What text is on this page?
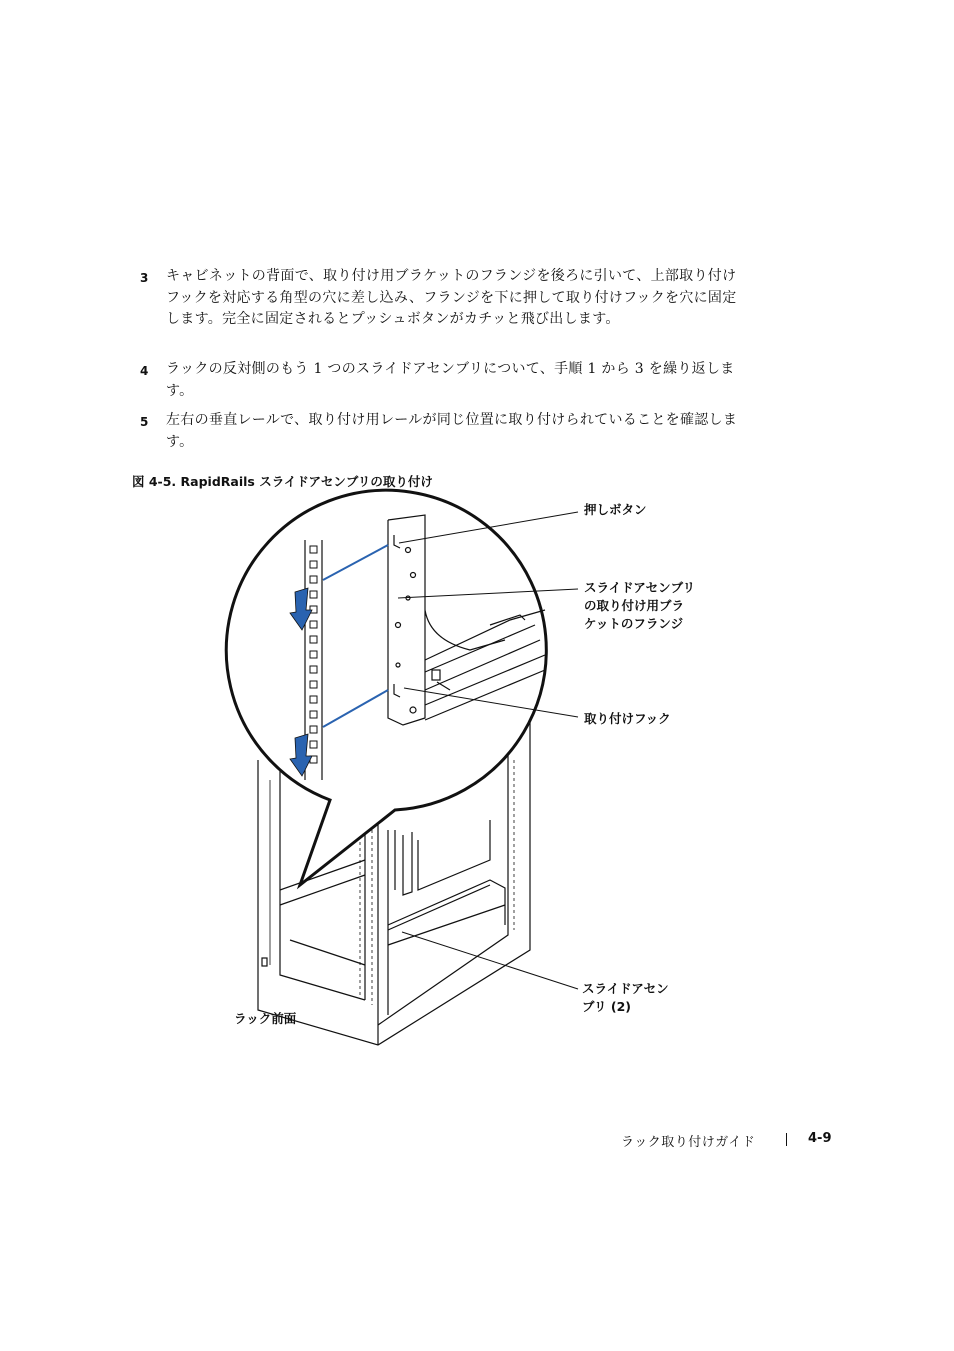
3 キャビネットの背面で、取り付け用ブラケットのフランジを後ろに引いて、上部取り付けフックを対応する角型の穴に差し込み、フランジを下に押して取り付けフックを穴に固定します。完全に固定されるとプッシュボタンがカチッと飛び出します。
4 ラックの反対側のもう 1 つのスライドアセンブリについて、手順 1 から 3 を繰り返します。
5 左右の垂直レールで、取り付け用レールが同じ位置に取り付けられていることを確認します。
図 4-5. RapidRails スライドアセンブリの取り付け
押しボタン
スライドアセンブリ
の取り付け用ブラ
ケットのフランジ
取り付けフック
スライドアセン
ブリ (2)
ラック前面
ラック取り付けガイド	4-9
